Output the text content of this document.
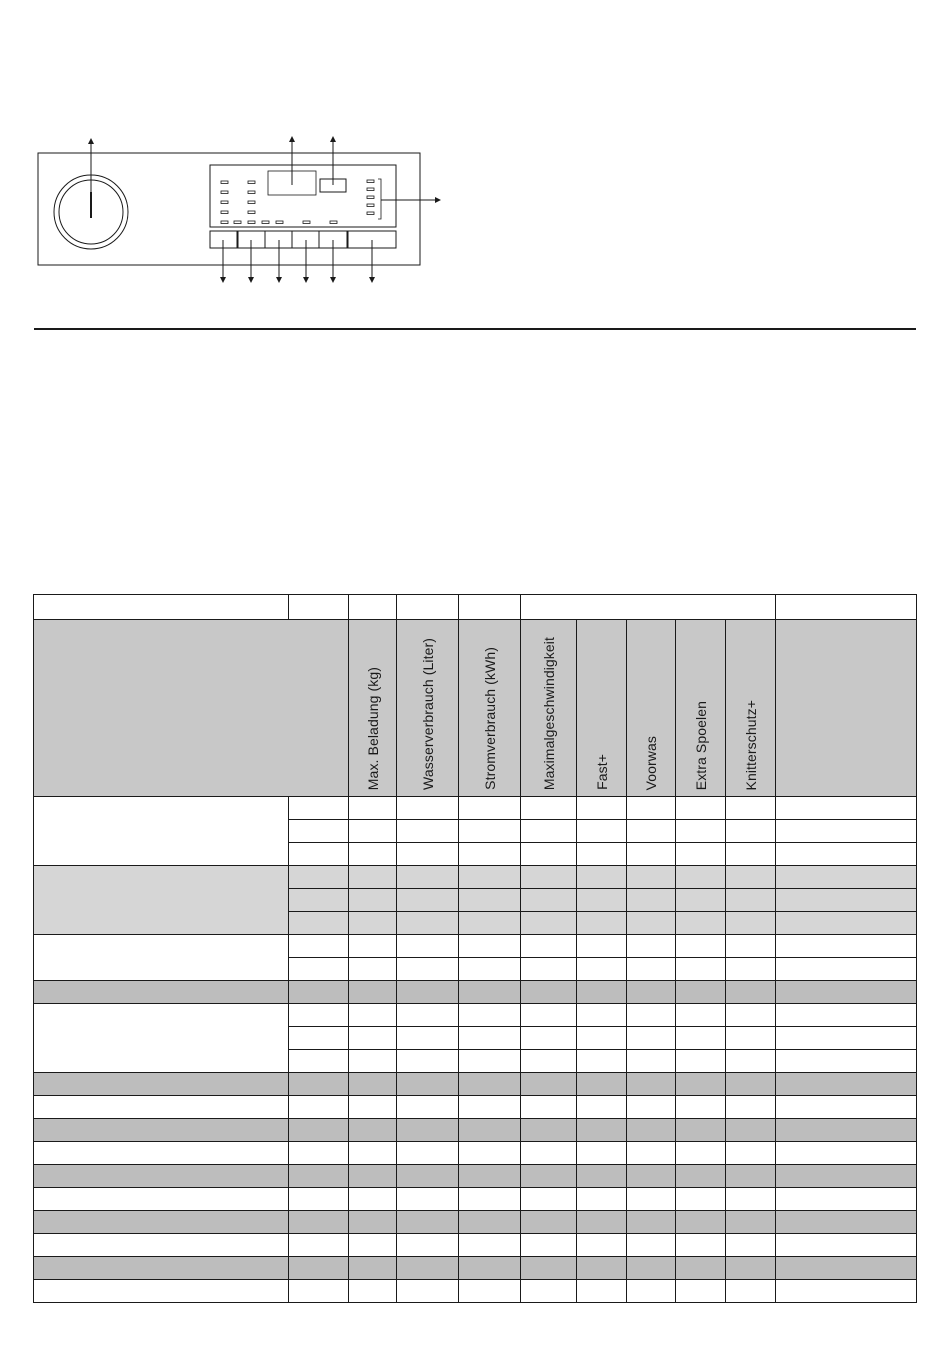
		Max. Beladung (kg)	Wasserverbrauch (Liter)	Stromverbrauch (kWh)	Maximalgeschwindigkeit	Fast+	Voorwas	Extra Spoelen	Knitterschutz+	
